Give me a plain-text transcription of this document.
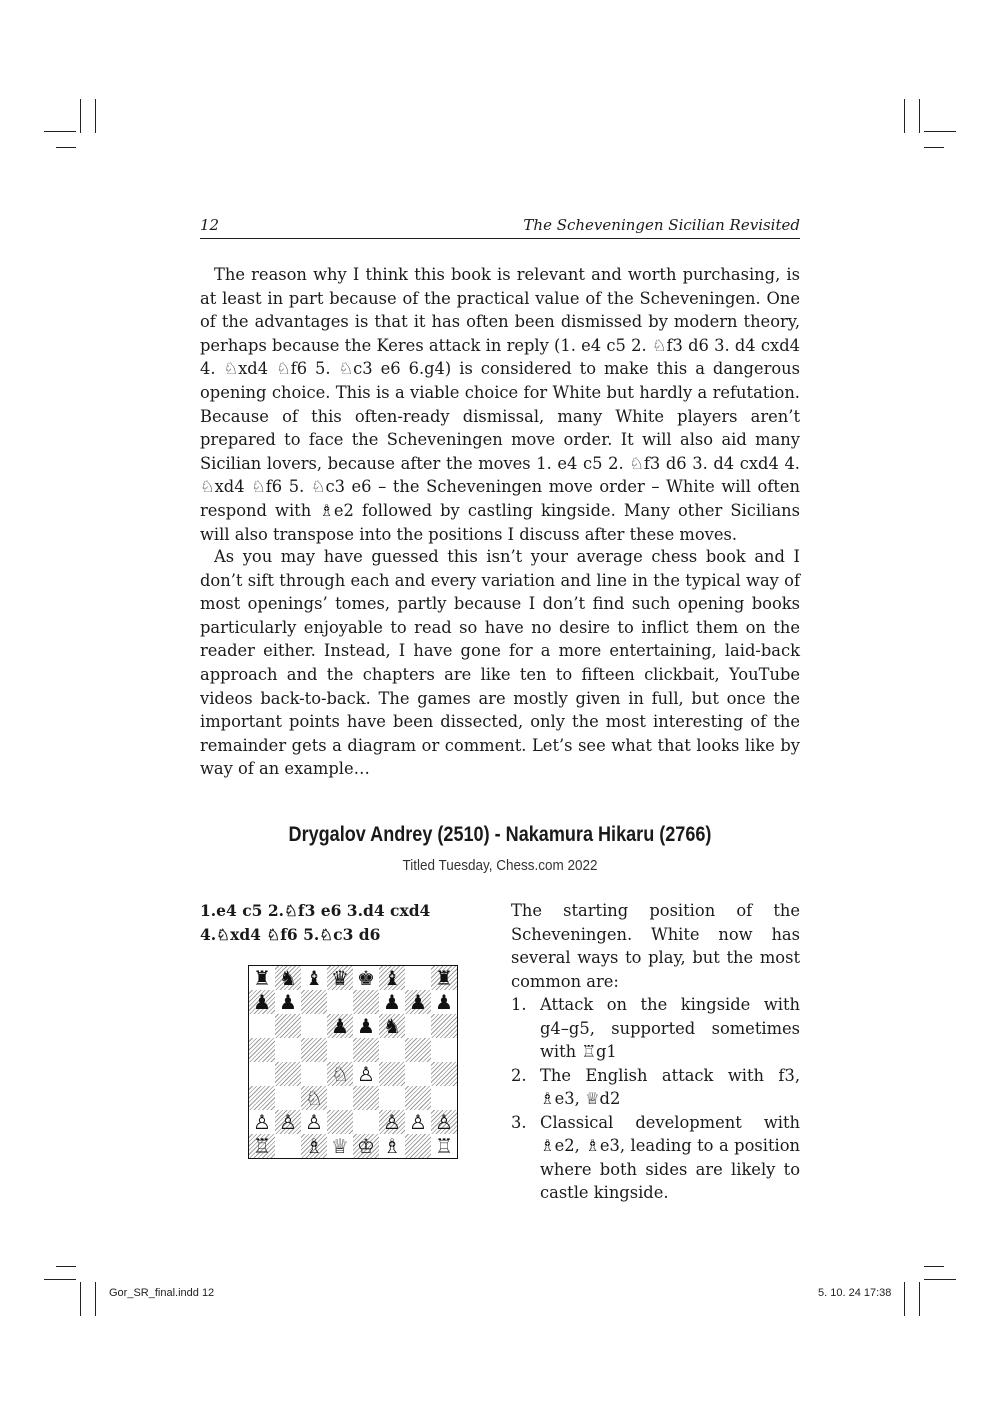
12	The Scheveningen Sicilian Revisited

The reason why I think this book is relevant and worth purchasing, is at least in part because of the practical value of the Scheveningen. One of the advantages is that it has often been dismissed by modern theory, perhaps because the Keres attack in reply (1. e4 c5 2. ♘f3 d6 3. d4 cxd4 4. ♘xd4 ♘f6 5. ♘c3 e6 6.g4) is considered to make this a dangerous opening choice. This is a viable choice for White but hardly a refutation. Because of this often-ready dismissal, many White players aren’t prepared to face the Scheveningen move order. It will also aid many Sicilian lovers, because after the moves 1. e4 c5 2. ♘f3 d6 3. d4 cxd4 4. ♘xd4 ♘f6 5. ♘c3 e6 – the Scheveningen move order – White will often respond with ♗e2 followed by castling kingside. Many other Sicilians will also transpose into the positions I discuss after these moves.

As you may have guessed this isn’t your average chess book and I don’t sift through each and every variation and line in the typical way of most openings’ tomes, partly because I don’t find such opening books particularly enjoyable to read so have no desire to inflict them on the reader either. Instead, I have gone for a more entertaining, laid-back approach and the chapters are like ten to fifteen clickbait, YouTube videos back-to-back. The games are mostly given in full, but once the important points have been dissected, only the most interesting of the remainder gets a diagram or comment. Let’s see what that looks like by way of an example…

Drygalov Andrey (2510) - Nakamura Hikaru (2766)
Titled Tuesday, Chess.com 2022

1.e4 c5 2.♘f3 e6 3.d4 cxd4 4.♘xd4 ♘f6 5.♘c3 d6

♜ ♞ ♝ ♛ ♚ ♝ ♜
♟ ♟	♟ ♟ ♟
♟ ♟ ♞
♘ ♙
♘
♙ ♙ ♙	♙ ♙ ♙
♖ ♗ ♕ ♔ ♗ ♖

The starting position of the Scheveningen. White now has several ways to play, but the most common are:

1. Attack on the kingside with g4–g5, supported sometimes with ♖g1
2. The English attack with f3, ♗e3, ♕d2
3. Classical development with ♗e2, ♗e3, leading to a position where both sides are likely to castle kingside.
Gor_SR_final.indd 12	5. 10. 24 17:38
